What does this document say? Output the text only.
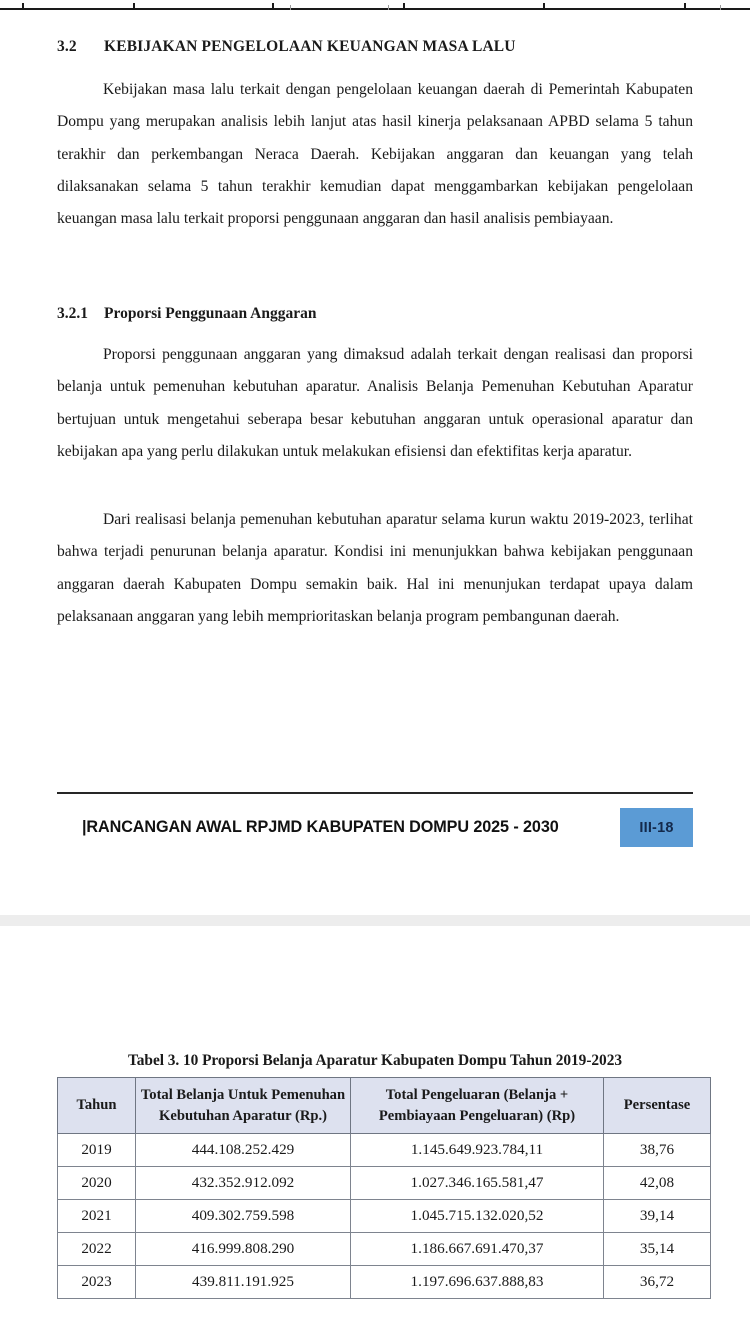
3.2	KEBIJAKAN PENGELOLAAN KEUANGAN MASA LALU

Kebijakan masa lalu terkait dengan pengelolaan keuangan daerah di Pemerintah Kabupaten Dompu yang merupakan analisis lebih lanjut atas hasil kinerja pelaksanaan APBD selama 5 tahun terakhir dan perkembangan Neraca Daerah. Kebijakan anggaran dan keuangan yang telah dilaksanakan selama 5 tahun terakhir kemudian dapat menggambarkan kebijakan pengelolaan keuangan masa lalu terkait proporsi penggunaan anggaran dan hasil analisis pembiayaan.

3.2.1	Proporsi Penggunaan Anggaran

Proporsi penggunaan anggaran yang dimaksud adalah terkait dengan realisasi dan proporsi belanja untuk pemenuhan kebutuhan aparatur. Analisis Belanja Pemenuhan Kebutuhan Aparatur bertujuan untuk mengetahui seberapa besar kebutuhan anggaran untuk operasional aparatur dan kebijakan apa yang perlu dilakukan untuk melakukan efisiensi dan efektifitas kerja aparatur.

Dari realisasi belanja pemenuhan kebutuhan aparatur selama kurun waktu 2019-2023, terlihat bahwa terjadi penurunan belanja aparatur. Kondisi ini menunjukkan bahwa kebijakan penggunaan anggaran daerah Kabupaten Dompu semakin baik. Hal ini menunjukan terdapat upaya dalam pelaksanaan anggaran yang lebih memprioritaskan belanja program pembangunan daerah.

|RANCANGAN AWAL RPJMD KABUPATEN DOMPU 2025 - 2030	III-18
Tabel 3. 10 Proporsi Belanja Aparatur Kabupaten Dompu Tahun 2019-2023
Tahun	Total Belanja Untuk Pemenuhan Kebutuhan Aparatur (Rp.)	Total Pengeluaran (Belanja + Pembiayaan Pengeluaran) (Rp)	Persentase
2019	444.108.252.429	1.145.649.923.784,11	38,76
2020	432.352.912.092	1.027.346.165.581,47	42,08
2021	409.302.759.598	1.045.715.132.020,52	39,14
2022	416.999.808.290	1.186.667.691.470,37	35,14
2023	439.811.191.925	1.197.696.637.888,83	36,72
